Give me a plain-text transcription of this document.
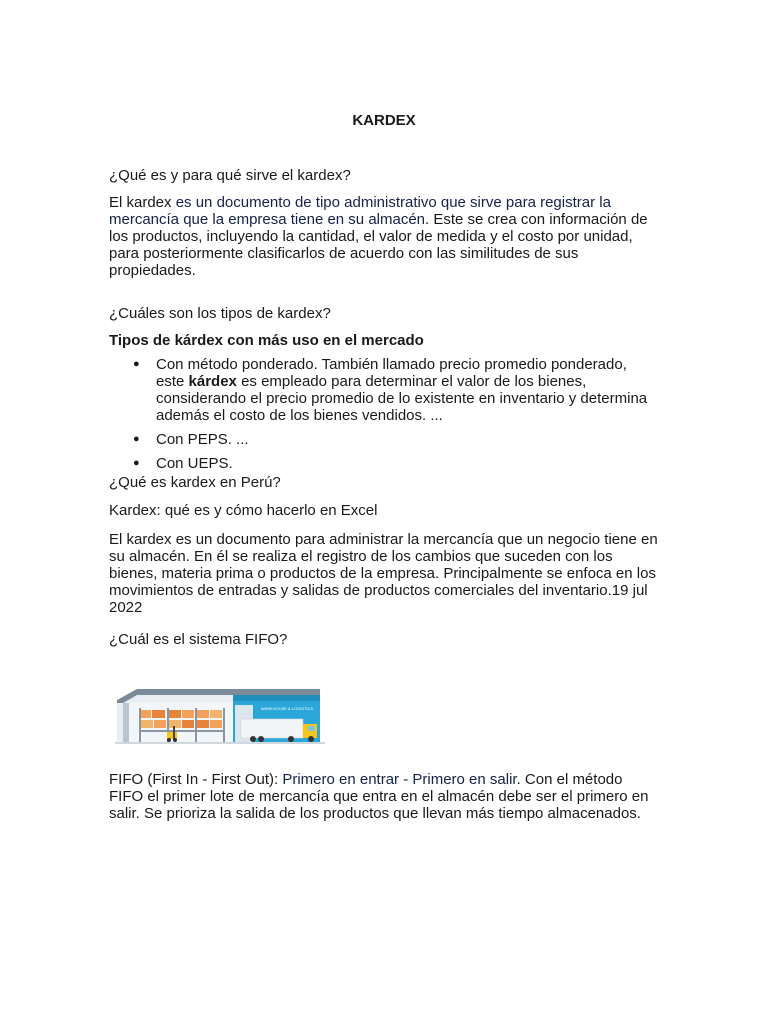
KARDEX
¿Qué es y para qué sirve el kardex?
El kardex es un documento de tipo administrativo que sirve para registrar la mercancía que la empresa tiene en su almacén. Este se crea con información de los productos, incluyendo la cantidad, el valor de medida y el costo por unidad, para posteriormente clasificarlos de acuerdo con las similitudes de sus propiedades.
¿Cuáles son los tipos de kardex?
Tipos de kárdex con más uso en el mercado
● Con método ponderado. También llamado precio promedio ponderado, este kárdex es empleado para determinar el valor de los bienes, considerando el precio promedio de lo existente en inventario y determina además el costo de los bienes vendidos. ...
● Con PEPS. ...
● Con UEPS.
¿Qué es kardex en Perú?
Kardex: qué es y cómo hacerlo en Excel
El kardex es un documento para administrar la mercancía que un negocio tiene en su almacén. En él se realiza el registro de los cambios que suceden con los bienes, materia prima o productos de la empresa. Principalmente se enfoca en los movimientos de entradas y salidas de productos comerciales del inventario.19 jul 2022
¿Cuál es el sistema FIFO?
WAREHOUSE & LOGISTICS
FIFO (First In - First Out): Primero en entrar - Primero en salir. Con el método FIFO el primer lote de mercancía que entra en el almacén debe ser el primero en salir. Se prioriza la salida de los productos que llevan más tiempo almacenados.
